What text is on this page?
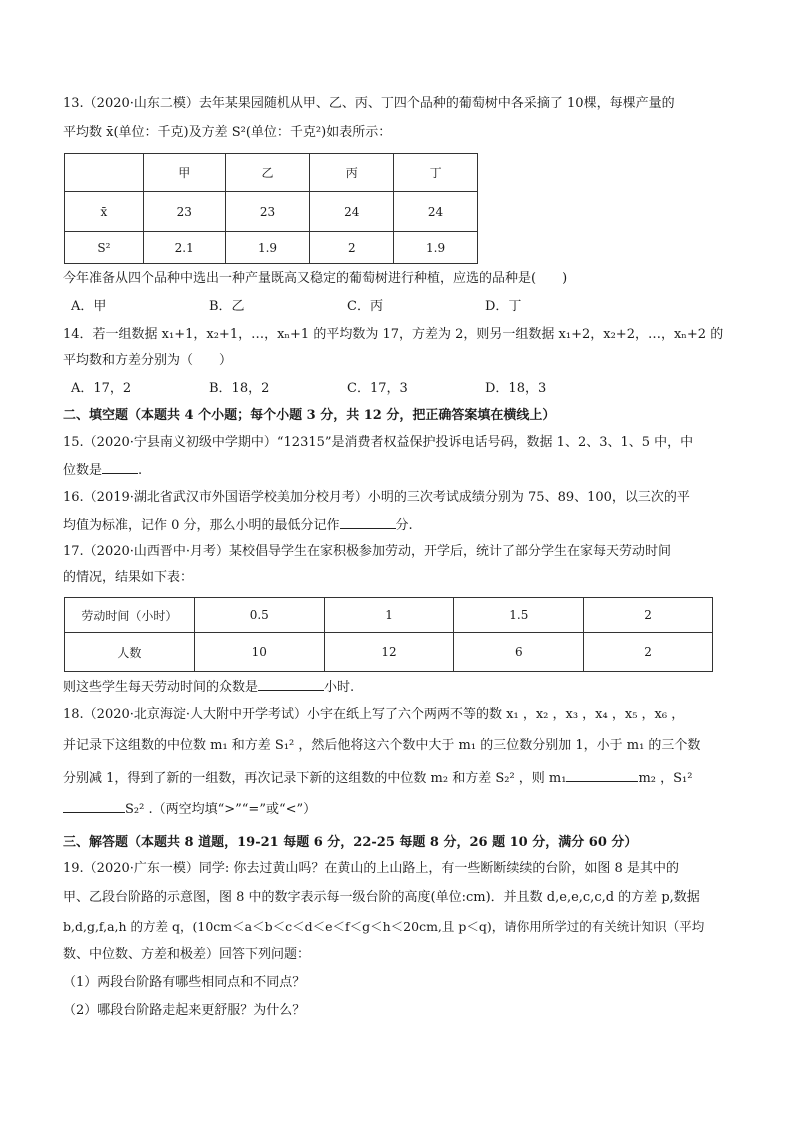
13.（2020·山东二模）去年某果园随机从甲、乙、丙、丁四个品种的葡萄树中各采摘了 10棵，每棵产量的
平均数 x̄(单位：千克)及方差 S²(单位：千克²)如表所示：
	甲	乙	丙	丁
x̄	23	23	24	24
S²	2.1	1.9	2	1.9
今年准备从四个品种中选出一种产量既高又稳定的葡萄树进行种植，应选的品种是(　　)
A．甲	B．乙	C．丙	D．丁
14．若一组数据 x₁+1，x₂+1，…，xₙ+1 的平均数为 17，方差为 2，则另一组数据 x₁+2，x₂+2，…，xₙ+2 的
平均数和方差分别为（　　）
A．17，2	B．18，2	C．17，3	D．18，3
二、填空题（本题共 4 个小题；每个小题 3 分，共 12 分，把正确答案填在横线上）
15.（2020·宁县南义初级中学期中）“12315”是消费者权益保护投诉电话号码，数据 1、2、3、1、5 中，中
位数是	.
16.（2019·湖北省武汉市外国语学校美加分校月考）小明的三次考试成绩分别为 75、89、100，以三次的平
均值为标准，记作 0 分，那么小明的最低分记作	分.
17.（2020·山西晋中·月考）某校倡导学生在家积极参加劳动，开学后，统计了部分学生在家每天劳动时间
的情况，结果如下表：
劳动时间（小时）	0.5	1	1.5	2
人数	10	12	6	2
则这些学生每天劳动时间的众数是	小时.
18.（2020·北京海淀·人大附中开学考试）小宇在纸上写了六个两两不等的数 x₁ ，x₂ ，x₃ ，x₄ ，x₅ ，x₆ ，
并记录下这组数的中位数 m₁ 和方差 S₁² ，然后他将这六个数中大于 m₁ 的三位数分别加 1，小于 m₁ 的三个数
分别减 1，得到了新的一组数，再次记录下新的这组数的中位数 m₂ 和方差 S₂² ，则 m₁	m₂ ，S₁²
S₂² .（两空均填“>”“=”或“<”）
三、解答题（本题共 8 道题，19-21 每题 6 分，22-25 每题 8 分，26 题 10 分，满分 60 分）
19.（2020·广东一模）同学: 你去过黄山吗？在黄山的上山路上，有一些断断续续的台阶，如图 8 是其中的
甲、乙段台阶路的示意图，图 8 中的数字表示每一级台阶的高度(单位:cm)．并且数 d,e,e,c,c,d 的方差 p,数据
b,d,g,f,a,h 的方差 q，(10cm＜a＜b＜c＜d＜e＜f＜g＜h＜20cm,且 p＜q)，请你用所学过的有关统计知识（平均
数、中位数、方差和极差）回答下列问题：
（1）两段台阶路有哪些相同点和不同点？
（2）哪段台阶路走起来更舒服？为什么？
